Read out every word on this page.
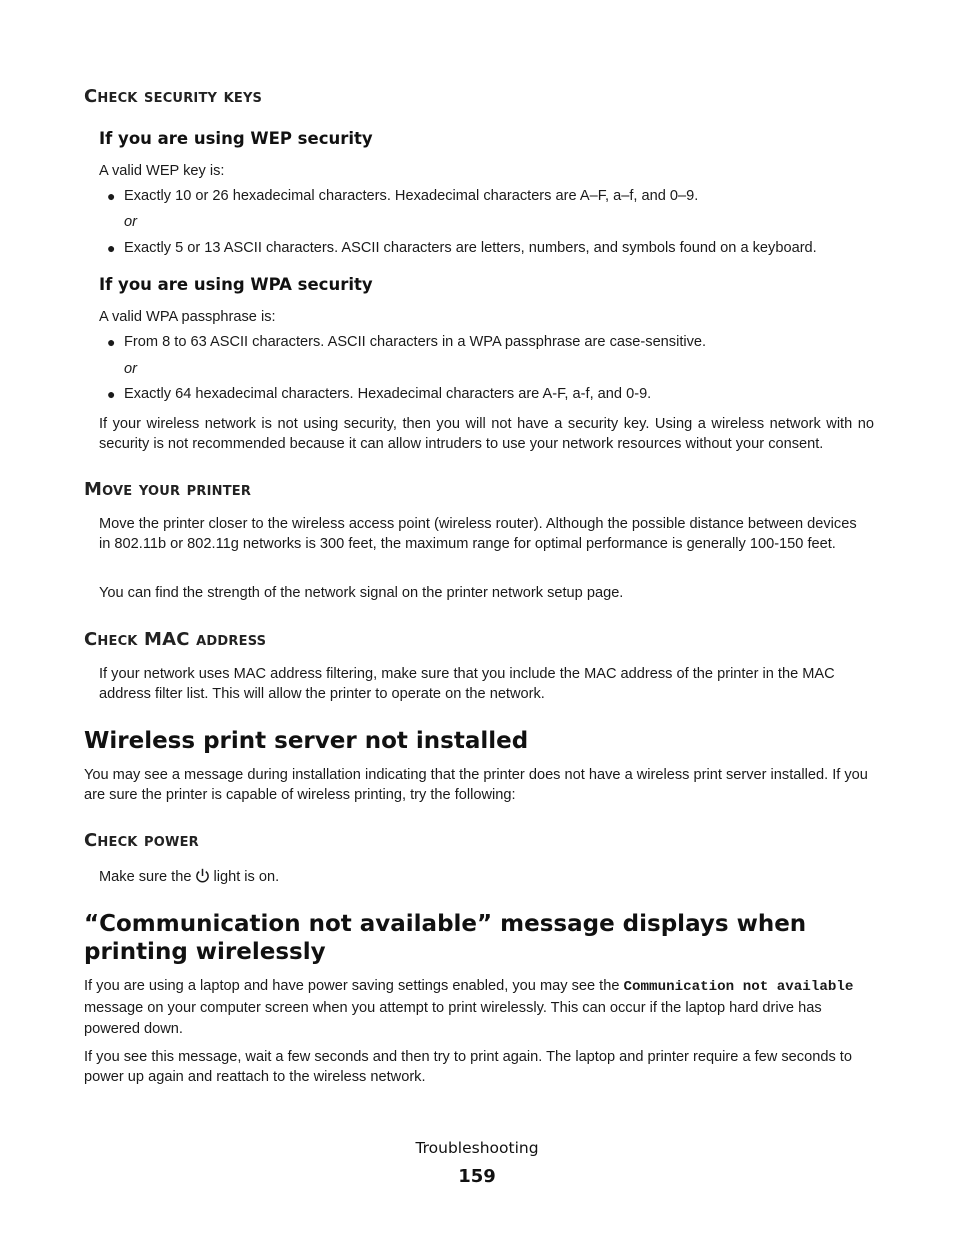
Check security keys
If you are using WEP security

A valid WEP key is:

● Exactly 10 or 26 hexadecimal characters. Hexadecimal characters are A–F, a–f, and 0–9.

or

● Exactly 5 or 13 ASCII characters. ASCII characters are letters, numbers, and symbols found on a keyboard.

If you are using WPA security

A valid WPA passphrase is:

● From 8 to 63 ASCII characters. ASCII characters in a WPA passphrase are case-sensitive.

or

● Exactly 64 hexadecimal characters. Hexadecimal characters are A-F, a-f, and 0-9.

If your wireless network is not using security, then you will not have a security key. Using a wireless network with no security is not recommended because it can allow intruders to use your network resources without your consent.

Move your printer

Move the printer closer to the wireless access point (wireless router). Although the possible distance between devices in 802.11b or 802.11g networks is 300 feet, the maximum range for optimal performance is generally 100-150 feet.

You can find the strength of the network signal on the printer network setup page.

Check MAC address

If your network uses MAC address filtering, make sure that you include the MAC address of the printer in the MAC address filter list. This will allow the printer to operate on the network.

Wireless print server not installed

You may see a message during installation indicating that the printer does not have a wireless print server installed. If you are sure the printer is capable of wireless printing, try the following:

Check power

Make sure the light is on.

“Communication not available” message displays when printing wirelessly

If you are using a laptop and have power saving settings enabled, you may see the Communication not available message on your computer screen when you attempt to print wirelessly. This can occur if the laptop hard drive has powered down.

If you see this message, wait a few seconds and then try to print again. The laptop and printer require a few seconds to power up again and reattach to the wireless network.

Troubleshooting
159
